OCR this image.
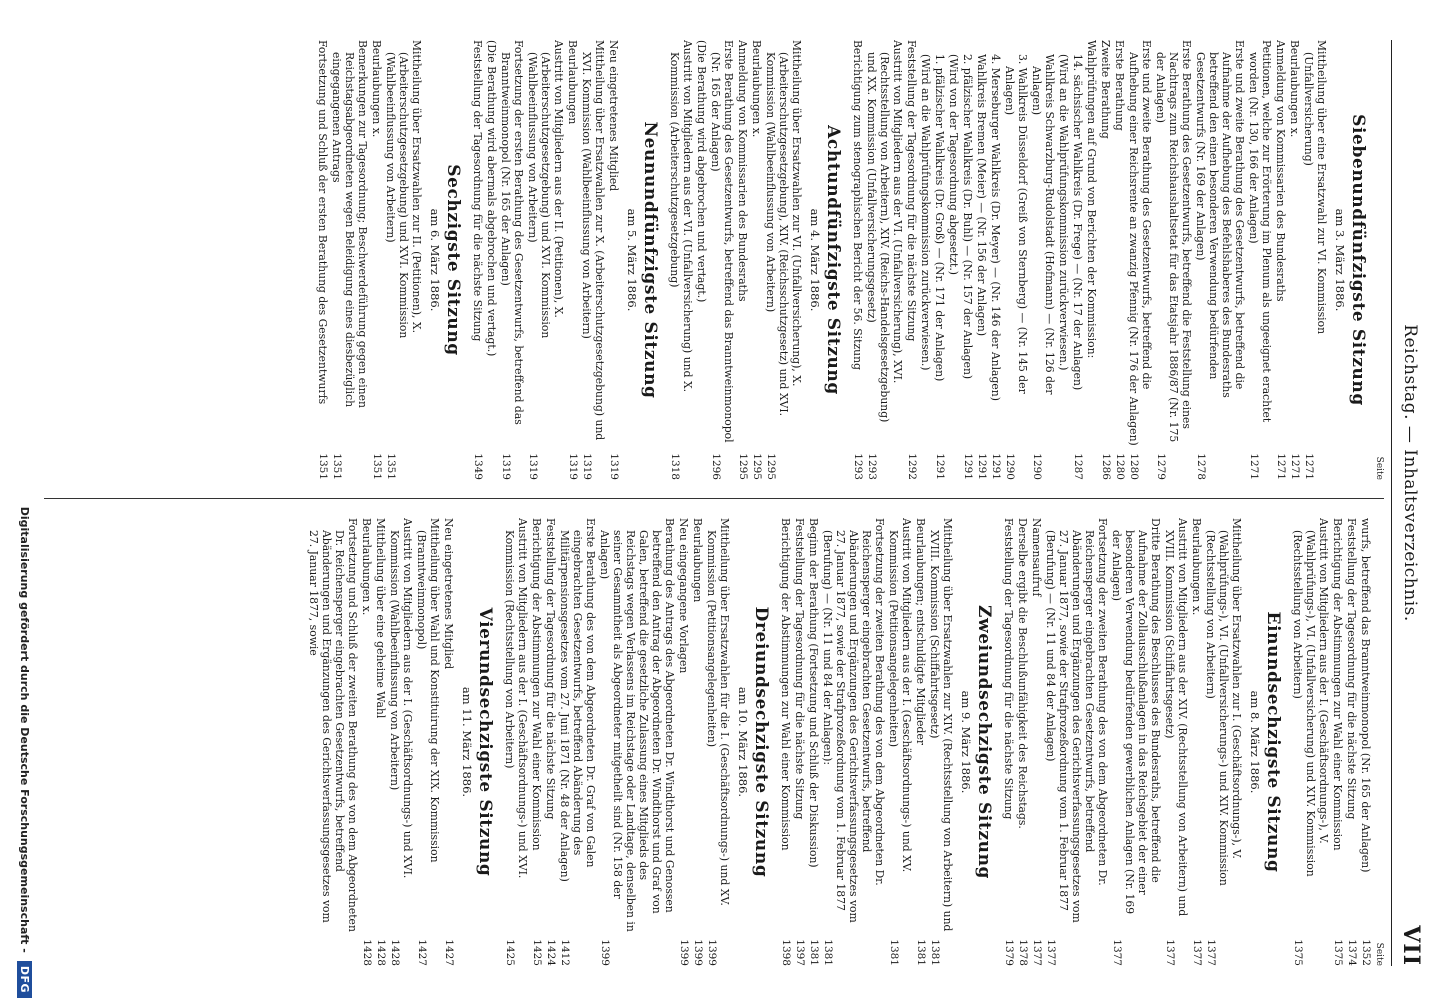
Reichstag. — Inhaltsverzeichnis.
VII
Seite
Siebenundfünfzigste Sitzung
am 3. März 1886.
Mittheilung über eine Ersatzwahl zur VI. Kommission (Unfallversicherung)
1271
Beurlaubungen x.
1271
Anmeldung von Kommissarien des Bundesraths
1271
Petitionen, welche zur Erörterung im Plenum als ungeeignet erachtet worden (Nr. 130, 166 der Anlagen)
1271
Erste und zweite Berathung des Gesetzentwurfs, betreffend die Aufnahme der Aufhebung des Befehlshaberes des Bundesraths betreffend den einen besonderen Verwendung bedürfenden Gesetzentwurfs (Nr. 169 der Anlagen)
1278
Erste Berathung des Gesetzentwurfs, betreffend die Feststellung eines Nachtrags zum Reichshaushaltsetat für das Etatsjahr 1886/87 (Nr. 175 der Anlagen)
1279
Erste und zweite Berathung des Gesetzentwurfs, betreffend die Aufhebung einer Reichsrente an zwanzig Pfennig (Nr. 176 der Anlagen)
1280
Erste Berathung
1280
Zweite Berathung
1286
Wahlprüfungen auf Grund von Berichten der Kommission:
14. sächsischer Wahlkreis (Dr. Frege) — (Nr. 17 der Anlagen)
1287
(Wird an die Wahlprüfungskommission zurückverwiesen.)
Wahlkreis Schwarzburg-Rudolstadt (Hofmann) — (Nr. 126 der Anlagen)
1290
3. Wahlkreis Düsseldorf (Greiß von Sternberg) — (Nr. 145 der Anlagen)
1290
4. Merseburger Wahlkreis (Dr. Meyer) — (Nr. 146 der Anlagen)
1291
Wahlkreis Bremen (Meier) — (Nr. 156 der Anlagen)
1291
2. pfälzischer Wahlkreis (Dr. Buhl) — (Nr. 157 der Anlagen)
1291
(Wird von der Tagesordnung abgesetzt.)
1. pfälzischer Wahlkreis (Dr. Groß) — (Nr. 171 der Anlagen)
1291
(Wird an die Wahlprüfungskommission zurückverwiesen.)
Feststellung der Tagesordnung für die nächste Sitzung
1292
Austritt von Mitgliedern aus der VI. (Unfallversicherung), XVI. (Rechtsstellung von Arbeitern), XIV. (Reichs-Handelsgesetzgebung) und XX. Kommission (Unfallversicherungsgesetz)
1293
Berichtigung zum stenographischen Bericht der 56. Sitzung
1293
Achtundfünfzigste Sitzung
am 4. März 1886.
Mittheilung über Ersatzwahlen zur VI. (Unfallversicherung), X. (Arbeiterschutzgesetzgebung), XIV. (Reichsschutzgesetz) und XVI. Kommission (Wahlbeeinflussung von Arbeitern)
1295
Beurlaubungen x.
1295
Anmeldung von Kommissarien des Bundesraths
1295
Erste Berathung des Gesetzentwurfs, betreffend das Branntweinmonopol (Nr. 165 der Anlagen)
1296
(Die Berathung wird abgebrochen und vertagt.)
Austritt von Mitgliedern aus der VI. (Unfallversicherung) und X. Kommission (Arbeiterschutzgesetzgebung)
1318
Neunundfünfzigste Sitzung
am 5. März 1886.
Neu eingetretenes Mitglied
1319
Mittheilung über Ersatzwahlen zur X. (Arbeiterschutzgesetzgebung) und XVI. Kommission (Wahlbeeinflussung von Arbeitern)
1319
Beurlaubungen
1319
Austritt von Mitgliedern aus der II. (Petitionen), X. (Arbeiterschutzgesetzgebung) und XVI. Kommission (Wahlbeeinflussung von Arbeitern)
1319
Fortsetzung der ersten Berathung des Gesetzentwurfs, betreffend das Branntweinmonopol (Nr. 165 der Anlagen)
1319
(Die Berathung wird abermals abgebrochen und vertagt.)
Feststellung der Tagesordnung für die nächste Sitzung
1349
Sechzigste Sitzung
am 6. März 1886.
Mittheilung über Ersatzwahlen zur II. (Petitionen), X. (Arbeiterschutzgesetzgebung) und XVI. Kommission (Wahlbeeinflussung von Arbeitern)
1351
Beurlaubungen x.
1351
Bemerkungen zur Tagesordnung; Beschwerdeführung gegen einen Reichstagsabgeordneten wegen Beleidigung eines diesbezüglich eingegangenen Antrags
1351
Fortsetzung und Schluß der ersten Berathung des Gesetzentwurfs
1351
Seite
wurfs, betreffend das Branntweinmonopol (Nr. 165 der Anlagen)
1352
Feststellung der Tagesordnung für die nächste Sitzung
1374
Berichtigung der Abstimmungen zur Wahl einer Kommission
1375
Austritt von Mitgliedern aus der I. (Geschäftsordnungs-), V. (Wahlprüfungs-), VI. (Unfallversicherung) und XIV. Kommission (Rechtsstellung von Arbeitern)
1375
Einundsechzigste Sitzung
am 8. März 1886.
Mittheilung über Ersatzwahlen zur I. (Geschäftsordnungs-), V. (Wahlprüfungs-), VI. (Unfallversicherungs-) und XIV. Kommission (Rechtsstellung von Arbeitern)
1377
Beurlaubungen x.
1377
Austritt von Mitgliedern aus der XIV. (Rechtsstellung von Arbeitern) und XVIII. Kommission (Schiffahrtsgesetz)
1377
Dritte Berathung des Beschlusses des Bundesraths, betreffend die Aufnahme der Zollausschlußanlagen in das Reichsgebiet der einer besonderen Verwendung bedürfenden gewerblichen Anlagen (Nr. 169 der Anlagen)
1377
Fortsetzung der zweiten Berathung des von dem Abgeordneten Dr. Reichensperger eingebrachten Gesetzentwurfs, betreffend Abänderungen und Ergänzungen des Gerichtsverfassungsgesetzes vom 27. Januar 1877, sowie der Strafprozeßordnung vom 1. Februar 1877 (Berufung) — (Nr. 11 und 84 der Anlagen)
1377
Namensaufruf
1377
Derselbe ergibt die Beschlußunfähigkeit des Reichstags.
1378
Feststellung der Tagesordnung für die nächste Sitzung
1379
Zweiundsechzigste Sitzung
am 9. März 1886.
Mittheilung über Ersatzwahlen zur XIV. (Rechtsstellung von Arbeitern) und XVIII. Kommission (Schiffahrtsgesetz)
1381
Beurlaubungen; entschuldigte Mitglieder
1381
Austritt von Mitgliedern aus der I. (Geschäftsordnungs-) und XV. Kommission (Petitionsangelegenheiten)
1381
Fortsetzung der zweiten Berathung des von dem Abgeordneten Dr. Reichensperger eingebrachten Gesetzentwurfs, betreffend Abänderungen und Ergänzungen des Gerichtsverfassungsgesetzes vom 27. Januar 1877, sowie der Strafprozeßordnung vom 1. Februar 1877 (Berufung) — (Nr. 11 und 84 der Anlagen):
1381
Beginn der Berathung (Fortsetzung und Schluß der Diskussion)
1381
Feststellung der Tagesordnung für die nächste Sitzung
1397
Berichtigung der Abstimmungen zur Wahl einer Kommission
1398
Dreiundsechzigste Sitzung
am 10. März 1886.
Mittheilung über Ersatzwahlen für die I. (Geschäftsordnungs-) und XV. Kommission (Petitionsangelegenheiten)
1399
Beurlaubungen
1399
Neu eingegangene Vorlagen
1399
Berathung des Antrags des Abgeordneten Dr. Windthorst und Genossen betreffend den Antrag der Abgeordneten Dr. Windthorst und Graf von Galen, betreffend die gesetzliche Zulassung eines Mitglieds des Reichstags wegen Verlassens im Reichstage oder Landtage, denselben in seiner Gesammtheit als Abgeordneter mitgetheilt sind (Nr. 158 der Anlagen)
1399
Erste Berathung des von dem Abgeordneten Dr. Graf von Galen eingebrachten Gesetzentwurfs, betreffend Abänderung des Militärpensionsgesetzes vom 27. Juni 1871 (Nr. 48 der Anlagen)
1412
Feststellung der Tagesordnung für die nächste Sitzung
1424
Berichtigung der Abstimmungen zur Wahl einer Kommission
1425
Austritt von Mitgliedern aus der I. (Geschäftsordnungs-) und XVI. Kommission (Rechtsstellung von Arbeitern)
1425
Vierundsechzigste Sitzung
am 11. März 1886.
Neu eingetretenes Mitglied
1427
Mittheilung über Wahl und Konstituirung der XIX. Kommission (Branntweinmonopol)
1427
Austritt von Mitgliedern aus der I. (Geschäftsordnungs-) und XVI. Kommission (Wahlbeeinflussung von Arbeitern)
1428
Mittheilung über eine geheime Wahl
1428
Beurlaubungen x.
1428
Fortsetzung und Schluß der zweiten Berathung des von dem Abgeordneten Dr. Reichensperger eingebrachten Gesetzentwurfs, betreffend Abänderungen und Ergänzungen des Gerichtsverfassungsgesetzes vom 27. Januar 1877, sowie
Digitalisierung gefördert durch die Deutsche Forschungsgemeinschaft -
DFG
